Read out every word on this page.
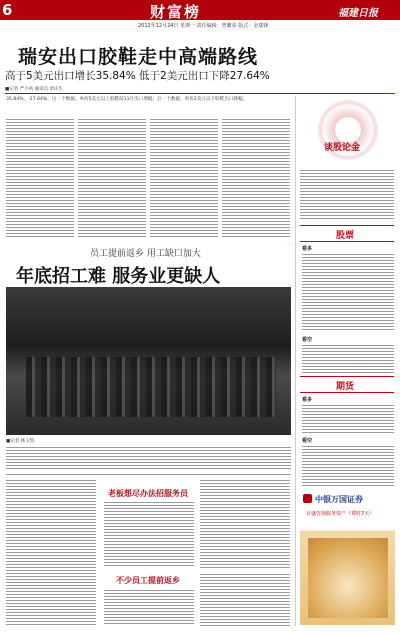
6	财富榜	福建日报
2012年12月24日 星期一 责任编辑：曾繁荣 版式：金瑞锋
瑞安出口胶鞋走中高端路线
高于5美元出口增长35.84% 低于2美元出口下降27.64%
■记者 严小风 通讯员 余庆生
35.84%，-27.64%，这一个数据，单价5美元以上胶鞋前11月出口增幅；后一个数据，单价2美元以下胶鞋出口降幅。
谈股论金
股票
看多
看空
期货
看多
看空
中银万国证券
百盛咨询服务资产（费时7天）
员工提前返乡 用工缺口加大
年底招工难 服务业更缺人
■记者 林玉凯
老板想尽办法招服务员
不少员工提前返乡
